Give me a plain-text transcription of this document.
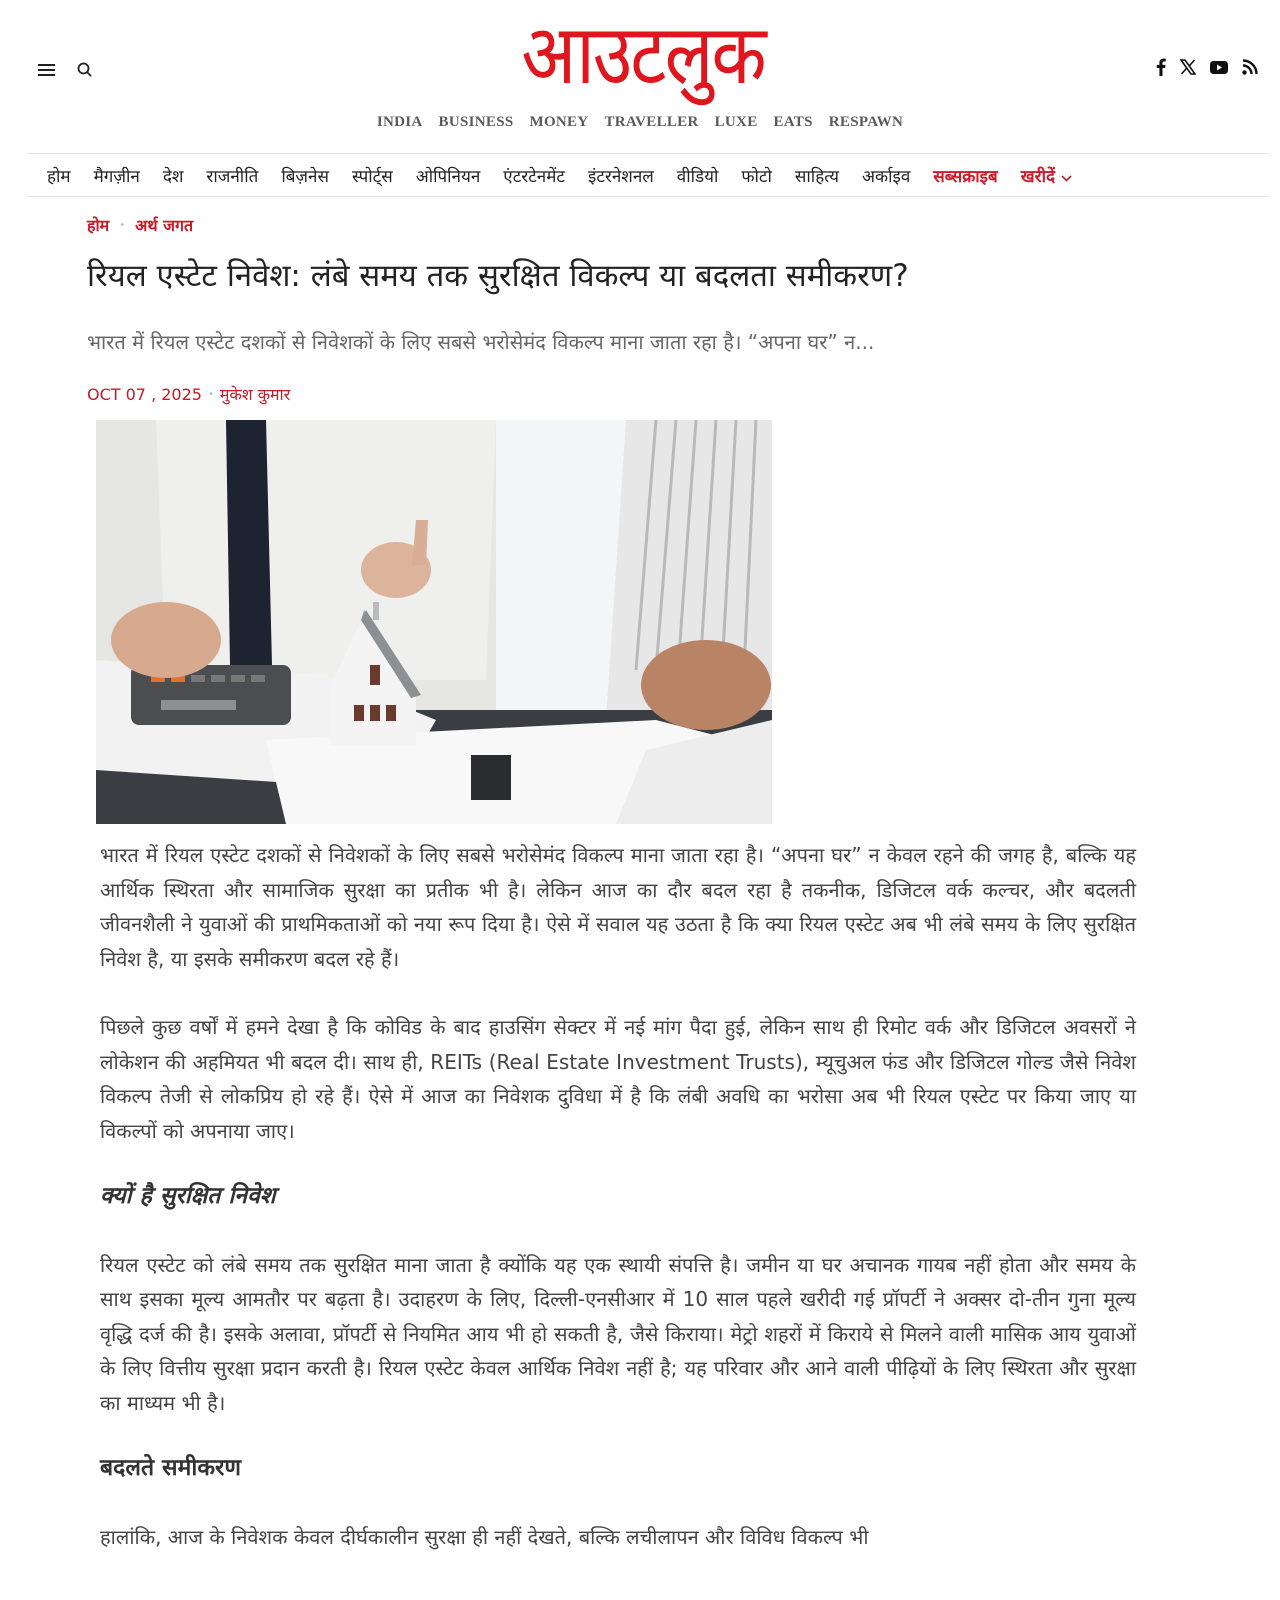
आउटलुक
INDIA BUSINESS MONEY TRAVELLER LUXE EATS RESPAWN
होम मैगज़ीन देश राजनीति बिज़नेस स्पोर्ट्स ओपिनियन एंटरटेनमेंट इंटरनेशनल वीडियो फोटो साहित्य अर्काइव सब्सक्राइब खरीदें
होम • अर्थ जगत
रियल एस्टेट निवेश: लंबे समय तक सुरक्षित विकल्प या बदलता समीकरण?

भारत में रियल एस्टेट दशकों से निवेशकों के लिए सबसे भरोसेमंद विकल्प माना जाता रहा है। “अपना घर” न...

OCT 07 , 2025 • मुकेश कुमार

भारत में रियल एस्टेट दशकों से निवेशकों के लिए सबसे भरोसेमंद विकल्प माना जाता रहा है। “अपना घर” न केवल रहने की जगह है, बल्कि यह आर्थिक स्थिरता और सामाजिक सुरक्षा का प्रतीक भी है। लेकिन आज का दौर बदल रहा है तकनीक, डिजिटल वर्क कल्चर, और बदलती जीवनशैली ने युवाओं की प्राथमिकताओं को नया रूप दिया है। ऐसे में सवाल यह उठता है कि क्या रियल एस्टेट अब भी लंबे समय के लिए सुरक्षित निवेश है, या इसके समीकरण बदल रहे हैं।

पिछले कुछ वर्षों में हमने देखा है कि कोविड के बाद हाउसिंग सेक्टर में नई मांग पैदा हुई, लेकिन साथ ही रिमोट वर्क और डिजिटल अवसरों ने लोकेशन की अहमियत भी बदल दी। साथ ही, REITs (Real Estate Investment Trusts), म्यूचुअल फंड और डिजिटल गोल्ड जैसे निवेश विकल्प तेजी से लोकप्रिय हो रहे हैं। ऐसे में आज का निवेशक दुविधा में है कि लंबी अवधि का भरोसा अब भी रियल एस्टेट पर किया जाए या विकल्पों को अपनाया जाए।

क्यों है सुरक्षित निवेश

रियल एस्टेट को लंबे समय तक सुरक्षित माना जाता है क्योंकि यह एक स्थायी संपत्ति है। जमीन या घर अचानक गायब नहीं होता और समय के साथ इसका मूल्य आमतौर पर बढ़ता है। उदाहरण के लिए, दिल्ली-एनसीआर में 10 साल पहले खरीदी गई प्रॉपर्टी ने अक्सर दो-तीन गुना मूल्य वृद्धि दर्ज की है। इसके अलावा, प्रॉपर्टी से नियमित आय भी हो सकती है, जैसे किराया। मेट्रो शहरों में किराये से मिलने वाली मासिक आय युवाओं के लिए वित्तीय सुरक्षा प्रदान करती है। रियल एस्टेट केवल आर्थिक निवेश नहीं है; यह परिवार और आने वाली पीढ़ियों के लिए स्थिरता और सुरक्षा का माध्यम भी है।

बदलते समीकरण

हालांकि, आज के निवेशक केवल दीर्घकालीन सुरक्षा ही नहीं देखते, बल्कि लचीलापन और विविध विकल्प भी
